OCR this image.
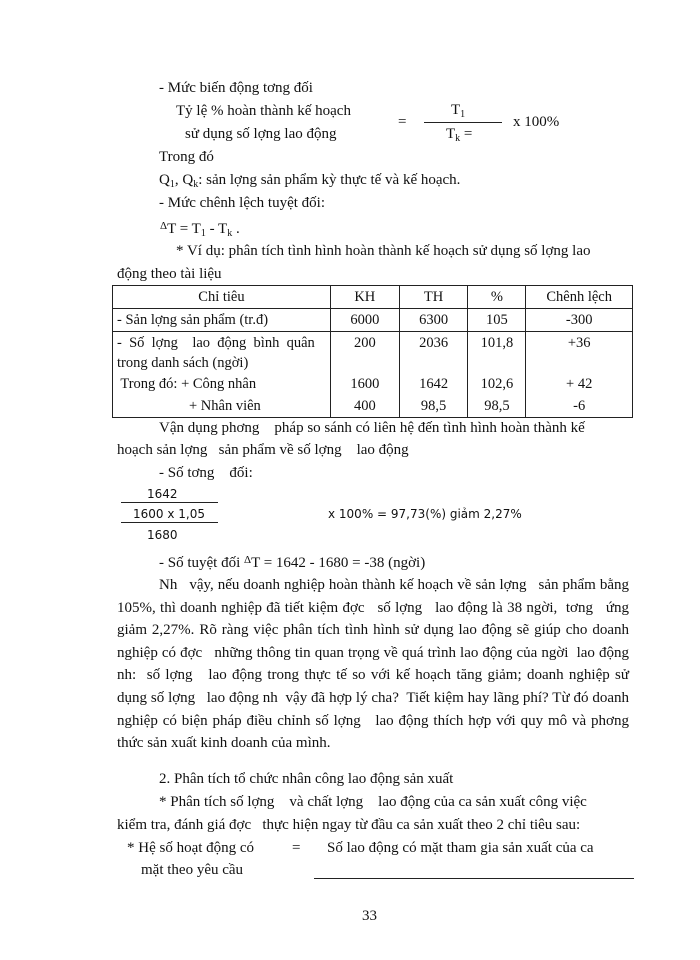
- Mức biến động tơng đối
Tỷ lệ % hoàn thành kế hoạch
sử dụng số lợng lao động
=
$T_1$
$T_k$ =
x 100%
Trong đó
$Q_1$, $Q_k$: sản lợng sản phẩm kỳ thực tế và kế hoạch.
- Mức chênh lệch tuyệt đối:
$^\Delta T = T_1 - T_k$ .
* Ví dụ: phân tích tình hình hoàn thành kế hoạch sử dụng số lợng lao
động theo tài liệu
Chỉ tiêu	KH	TH	%	Chênh lệch
- Sản lợng sản phẩm (tr.đ)	6000	6300	105	-300

-  Số  lợng    lao  động  bình  quân
trong danh sách (ngời)	200	2036	101,8	+36
Trong đó: + Công nhân	1600	1642	102,6	+ 42
+ Nhân viên	400	98,5	98,5	-6
Vận dụng phơng    pháp so sánh có liên hệ đến tình hình hoàn thành kế
hoạch sản lợng   sản phẩm về số lợng    lao động
- Số tơng    đối:
1642
1600 x 1,05
1680
x 100% = 97,73(%) giảm 2,27%
- Số tuyệt đối $^\Delta$T = 1642 - 1680 = -38 (ngời)
Nh   vậy, nếu doanh nghiệp hoàn thành kế hoạch về sản lợng   sản phẩm bằng 105%, thì doanh nghiệp đã tiết kiệm đợc   số lợng   lao động là 38 ngời,  tơng   ứng giảm 2,27%. Rõ ràng việc phân tích tình hình sử dụng lao động sẽ giúp cho doanh nghiệp có đợc   những thông tin quan trọng về quá trình lao động của ngời  lao động nh:  số lợng   lao động trong thực tế so với kế hoạch tăng giảm; doanh nghiệp sử dụng số lợng   lao động nh  vậy đã hợp lý cha?  Tiết kiệm hay lãng phí? Từ đó doanh nghiệp có biện pháp điều chỉnh số lợng   lao động thích hợp với quy mô và phơng   thức sản xuất kinh doanh của mình.
2. Phân tích tổ chức nhân công lao động sản xuất
* Phân tích số lợng    và chất lợng    lao động của ca sản xuất công việc
kiểm tra, đánh giá đợc   thực hiện ngay từ đầu ca sản xuất theo 2 chỉ tiêu sau:
* Hệ số hoạt động có
mặt theo yêu cầu
= Số lao động có mặt tham gia sản xuất của ca
33
